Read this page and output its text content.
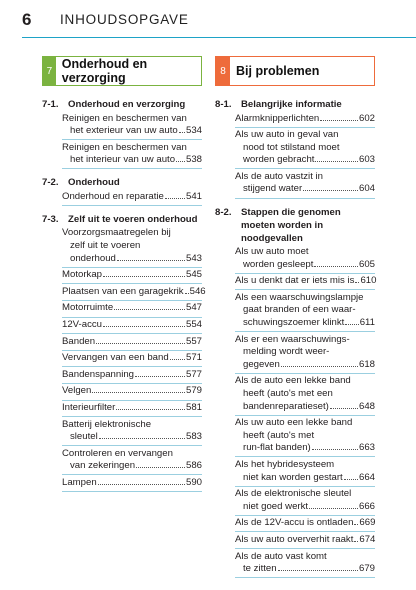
6 INHOUDSOPGAVE
7 Onderhoud en verzorging
7-1. Onderhoud en verzorging
Reinigen en beschermen van
het exterieur van uw auto 534
Reinigen en beschermen van
het interieur van uw auto 538
7-2. Onderhoud
Onderhoud en reparatie 541
7-3. Zelf uit te voeren onderhoud
Voorzorgsmaatregelen bij
zelf uit te voeren
onderhoud	543
Motorkap	545
Plaatsen van een garagekrik 546
Motorruimte	547
12V-accu	554
Banden	557
Vervangen van een band 571
Bandenspanning	577
Velgen	579
Interieurfilter	581
Batterij elektronische
sleutel	583
Controleren en vervangen
van zekeringen	586
Lampen	590
8 Bij problemen
8-1. Belangrijke informatie
Alarmknipperlichten	602
Als uw auto in geval van
nood tot stilstand moet
worden gebracht	603
Als de auto vastzit in
stijgend water	604
8-2. Stappen die genomen moeten worden in noodgevallen
Als uw auto moet
worden gesleept	605
Als u denkt dat er iets mis is 610
Als een waarschuwingslampje
gaat branden of een waar-
schuwingszoemer klinkt 611
Als er een waarschuwings-
melding wordt weer-
gegeven	618
Als de auto een lekke band
heeft (auto's met een
bandenreparatieset)	648
Als uw auto een lekke band
heeft (auto's met
run-flat banden)	663
Als het hybridesysteem
niet kan worden gestart 664
Als de elektronische sleutel
niet goed werkt	666
Als de 12V-accu is ontladen 669
Als uw auto oververhit raakt 674
Als de auto vast komt
te zitten	679
